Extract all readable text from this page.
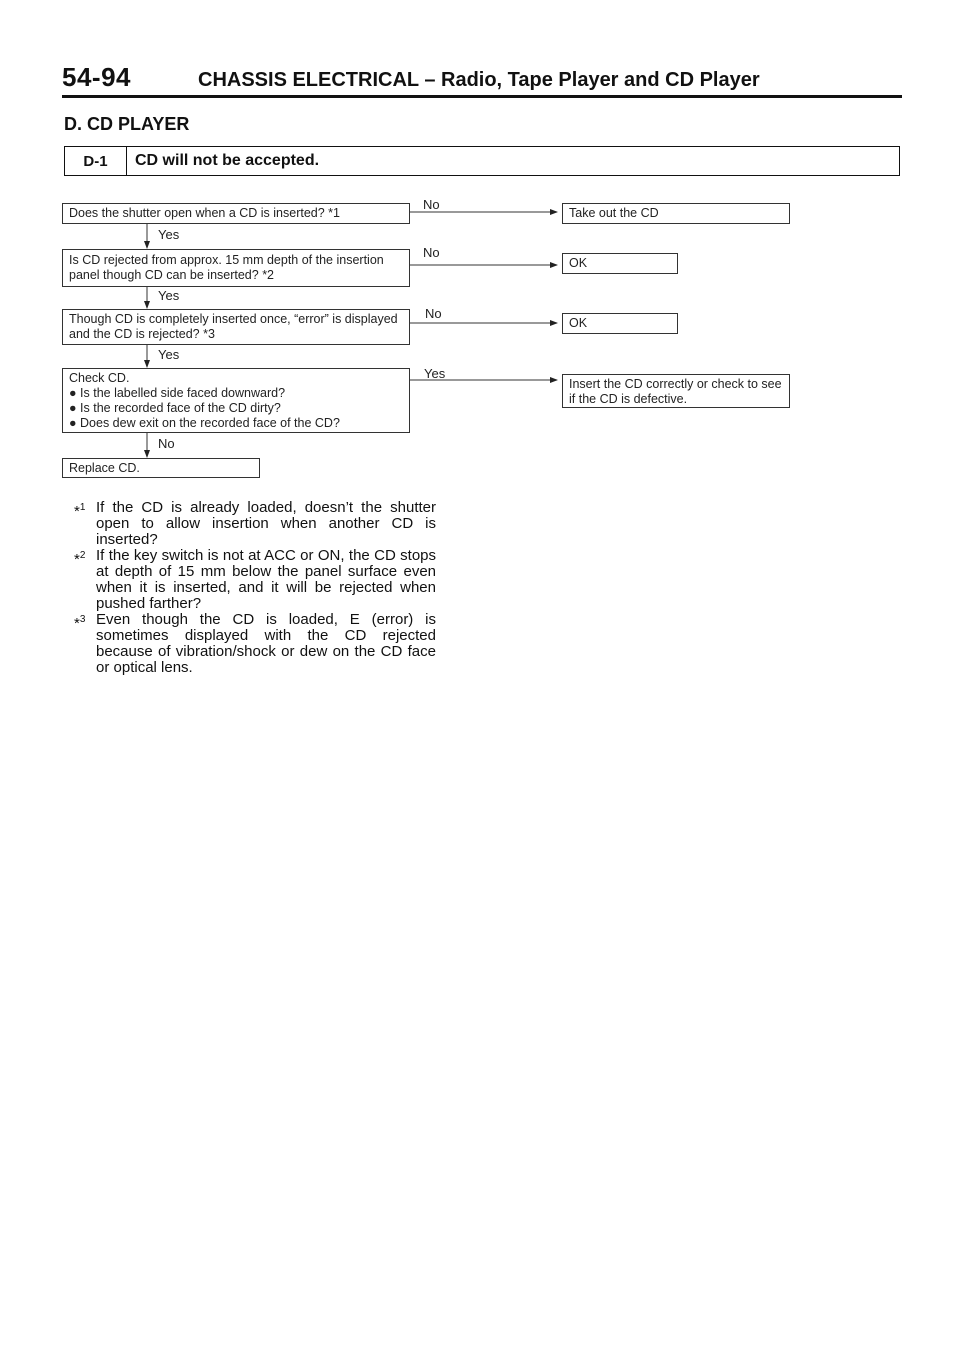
54-94	CHASSIS ELECTRICAL – Radio, Tape Player and CD Player
D. CD PLAYER
D-1	CD will not be accepted.
Does the shutter open when a CD is inserted? *1
Is CD rejected from approx. 15 mm depth of the insertion
panel though CD can be inserted? *2
Though CD is completely inserted once, “error” is displayed
and the CD is rejected? *3
Check CD.
● Is the labelled side faced downward?
● Is the recorded face of the CD dirty?
● Does dew exit on the recorded face of the CD?
Replace CD.
Take out the CD
OK
OK
Insert the CD correctly or check to see
if the CD is defective.
No
Yes
No
Yes
No
Yes
Yes
No
*$^1$ If the CD is already loaded, doesn’t the shutter open to allow insertion when another CD is inserted?
*$^2$ If the key switch is not at ACC or ON, the CD stops at depth of 15 mm below the panel surface even when it is inserted, and it will be rejected when pushed farther?
*$^3$ Even though the CD is loaded, E (error) is sometimes displayed with the CD rejected because of vibration/shock or dew on the CD face or optical lens.
